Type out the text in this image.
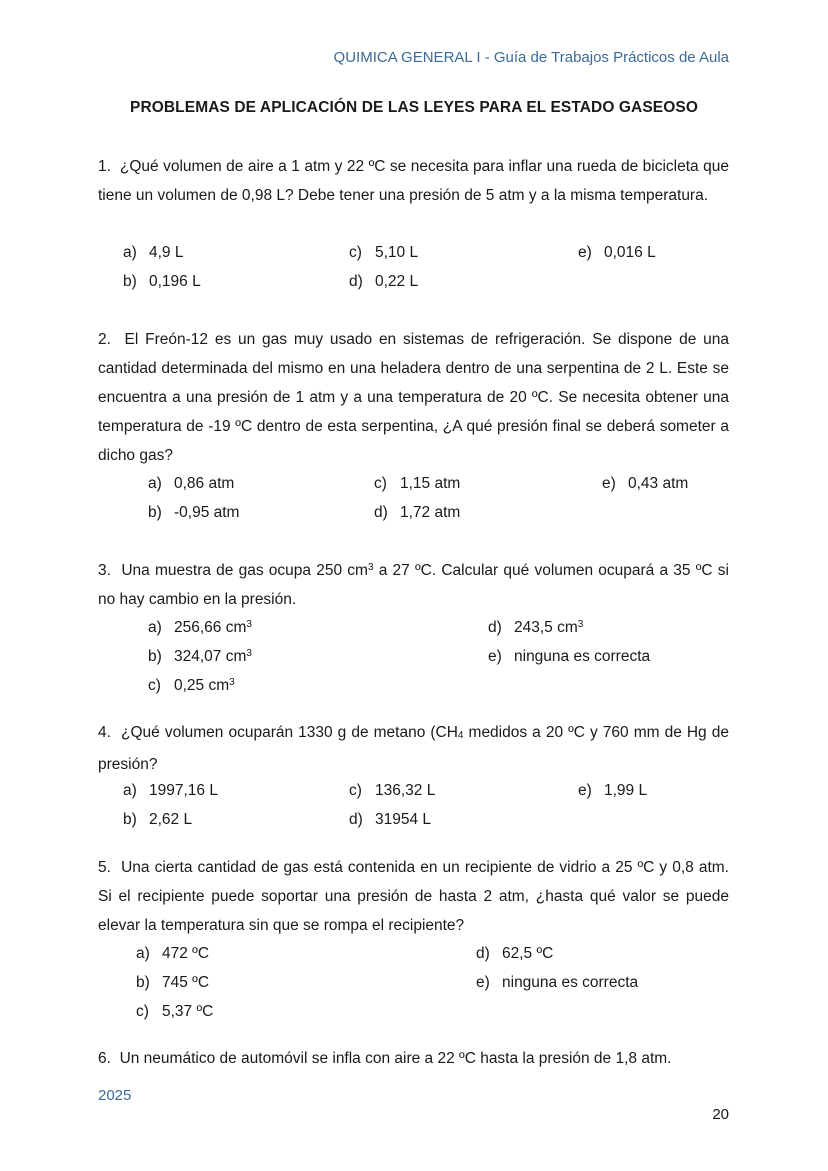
QUIMICA GENERAL I - Guía de Trabajos Prácticos de Aula
PROBLEMAS DE APLICACIÓN DE LAS LEYES PARA EL ESTADO GASEOSO

1. ¿Qué volumen de aire a 1 atm y 22 ºC se necesita para inflar una rueda de bicicleta que tiene un volumen de 0,98 L? Debe tener una presión de 5 atm y a la misma temperatura.

a) 4,9 L	c) 5,10 L	e) 0,016 L
b) 0,196 L	d) 0,22 L

2. El Freón-12 es un gas muy usado en sistemas de refrigeración. Se dispone de una cantidad determinada del mismo en una heladera dentro de una serpentina de 2 L. Este se encuentra a una presión de 1 atm y a una temperatura de 20 ºC. Se necesita obtener una temperatura de -19 ºC dentro de esta serpentina, ¿A qué presión final se deberá someter a dicho gas?

a) 0,86 atm	c) 1,15 atm	e) 0,43 atm
b) -0,95 atm	d) 1,72 atm

3. Una muestra de gas ocupa 250 $cm^3$ a 27 ºC. Calcular qué volumen ocupará a 35 ºC si no hay cambio en la presión.

a) 256,66 $cm^3$	d) 243,5 $cm^3$
b) 324,07 $cm^3$	e) ninguna es correcta
c) 0,25 $cm^3$

4. ¿Qué volumen ocuparán 1330 g de metano (CH4 medidos a 20 ºC y 760 mm de Hg de presión?

a) 1997,16 L	c) 136,32 L	e) 1,99 L
b) 2,62 L	d) 31954 L

5. Una cierta cantidad de gas está contenida en un recipiente de vidrio a 25 ºC y 0,8 atm. Si el recipiente puede soportar una presión de hasta 2 atm, ¿hasta qué valor se puede elevar la temperatura sin que se rompa el recipiente?

a) 472 ºC	d) 62,5 ºC
b) 745 ºC	e) ninguna es correcta
c) 5,37 ºC

6. Un neumático de automóvil se infla con aire a 22 ºC hasta la presión de 1,8 atm.

2025
20
